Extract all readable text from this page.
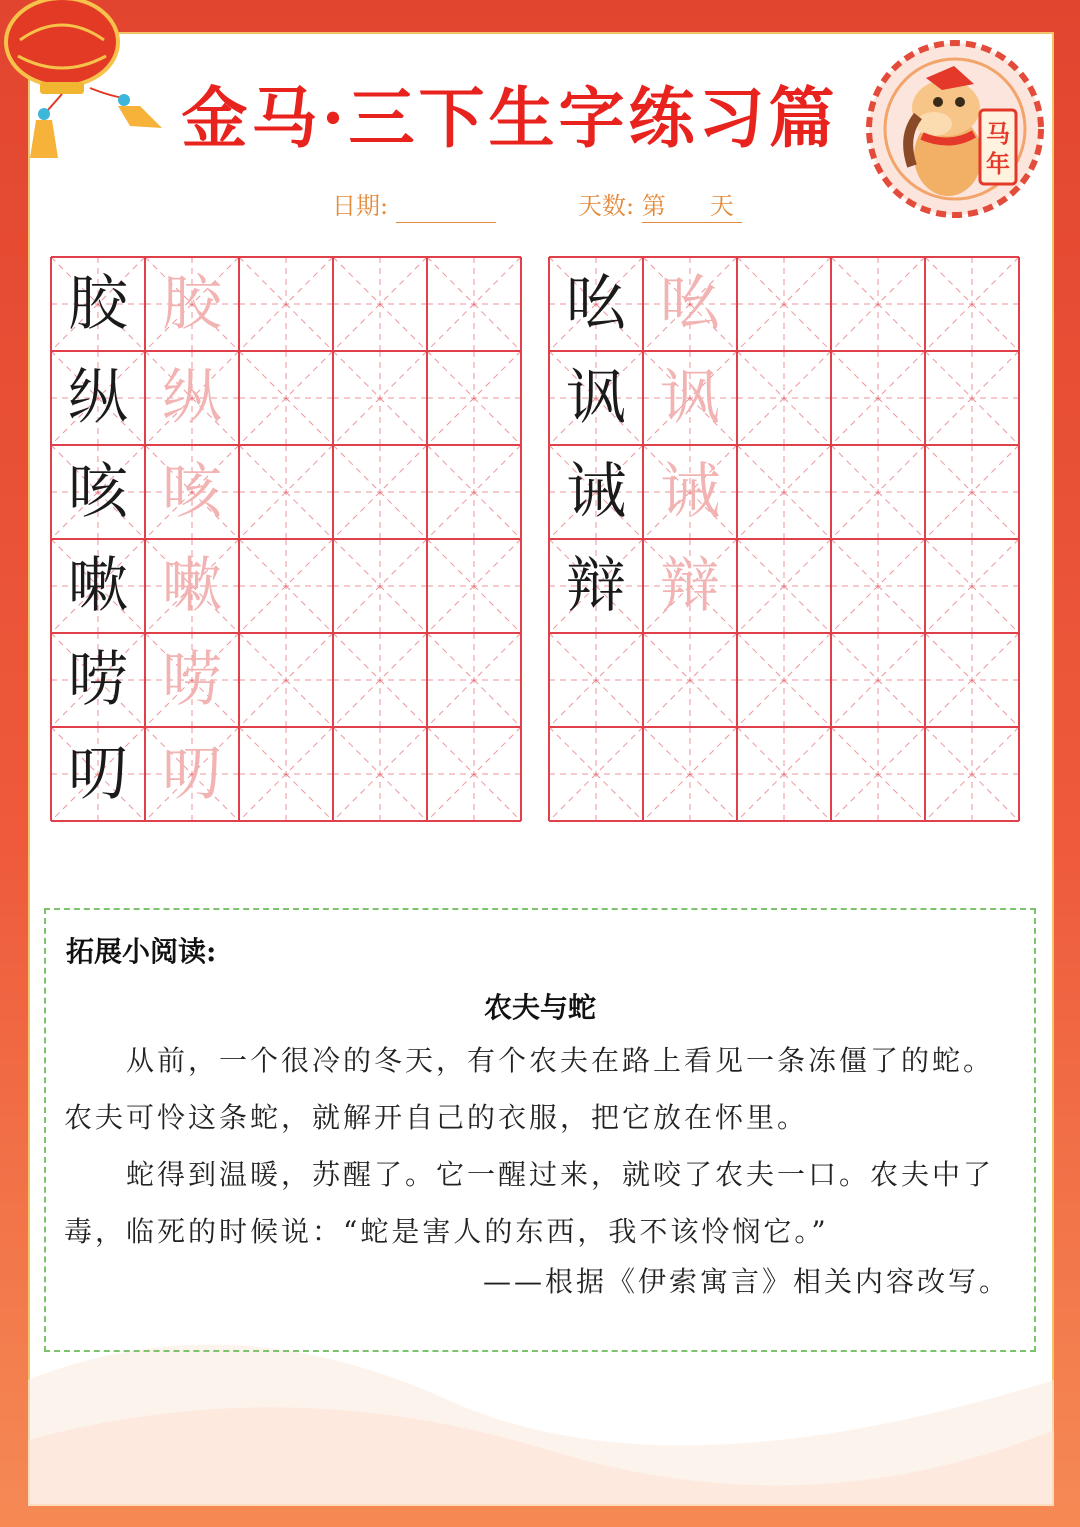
马
年
金马·三下生字练习篇
日期:	天数: 第 天
胶 胶
纵 纵
咳 咳
嗽 嗽
唠 唠
叨 叨
吆 吆
讽 讽
诫 诫
辩 辩
拓展小阅读:
农夫与蛇

从前，一个很冷的冬天，有个农夫在路上看见一条冻僵了的蛇。农夫可怜这条蛇，就解开自己的衣服，把它放在怀里。

蛇得到温暖，苏醒了。它一醒过来，就咬了农夫一口。农夫中了毒，临死的时候说：“蛇是害人的东西，我不该怜悯它。”

——根据《伊索寓言》相关内容改写。
